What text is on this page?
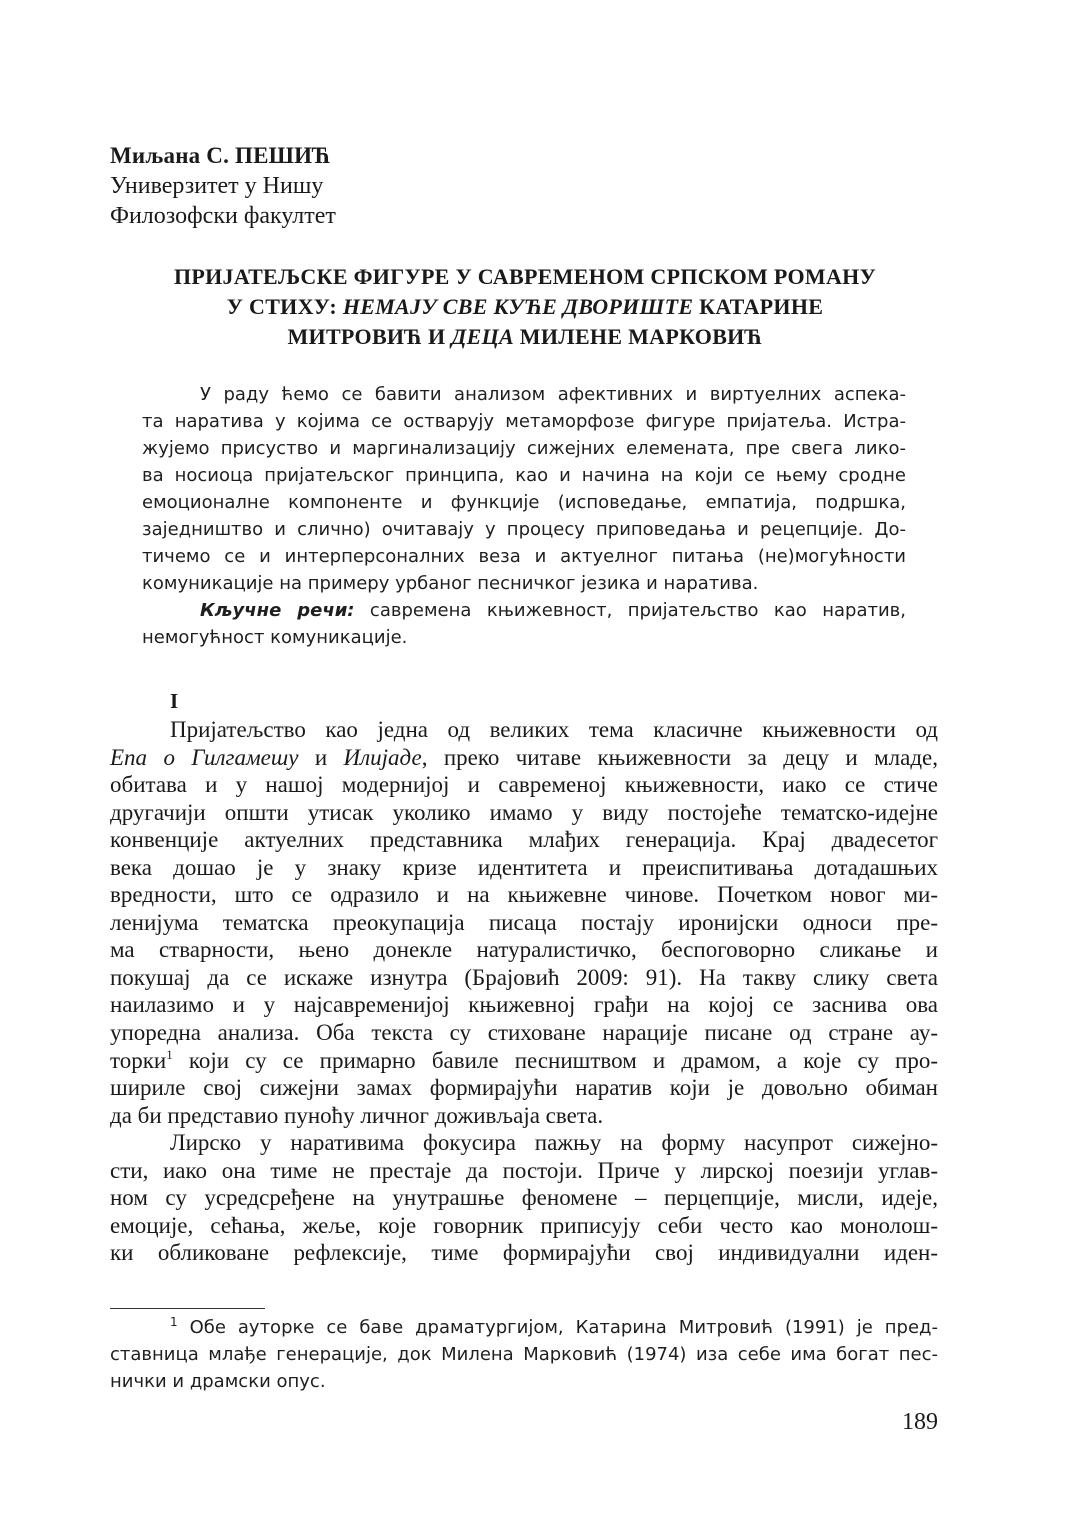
Миљана С. ПЕШИЋ
Универзитет у Нишу
Филозофски факултет
ПРИЈАТЕЉСКЕ ФИГУРЕ У САВРЕМЕНОМ СРПСКОМ РОМАНУ
У СТИХУ: НЕМАЈУ СВЕ КУЋЕ ДВОРИШТЕ КАТАРИНЕ
МИТРОВИЋ И ДЕЦА МИЛЕНЕ МАРКОВИЋ
У раду ћемо се бавити анализом афективних и виртуелних аспека-
та наратива у којима се остварују метаморфозе фигуре пријатеља. Истра-
жујемо присуство и маргинализацију сижејних елемената, пре свега лико-
ва носиоца пријатељског принципа, као и начина на који се њему сродне
емоционалне компоненте и функције (исповедање, емпатија, подршка,
заједништво и слично) очитавају у процесу приповедања и рецепције. До-
тичемо се и интерперсоналних веза и актуелног питања (не)могућности
комуникације на примеру урбаног песничког језика и наратива.
Кључне речи: савремена књижевност, пријатељство као наратив,
немогућност комуникације.
I
Пријатељство као једна од великих тема класичне књижевности од
Епа о Гилгамешу и Илијаде, преко читаве књижевности за децу и младе,
обитава и у нашој модернијој и савременој књижевности, иако се стиче
другачији општи утисак уколико имамо у виду постојеће тематско-идејне
конвенције актуелних представника млађих генерација. Крај двадесетог
века дошао је у знаку кризе идентитета и преиспитивања дотадашњих
вредности, што се одразило и на књижевне чинове. Почетком новог ми-
ленијума тематска преокупација писаца постају иронијски односи пре-
ма стварности, њено донекле натуралистичко, беспоговорно сликање и
покушај да се искаже изнутра (Брајовић 2009: 91). На такву слику света
наилазимо и у најсавременијој књижевној грађи на којој се заснива ова
упоредна анализа. Оба текста су стиховане нарације писане од стране ау-
торки$^1$ који су се примарно бавиле песништвом и драмом, а које су про-
шириле свој сижејни замах формирајући наратив који је довољно обиман
да би представио пуноћу личног доживљаја света.
Лирско у наративима фокусира пажњу на форму насупрот сижејно-
сти, иако она тиме не престаје да постоји. Приче у лирској поезији углав-
ном су усредсређене на унутрашње феномене – перцепције, мисли, идеје,
емоције, сећања, жеље, које говорник приписују себи често као монолош-
ки обликоване рефлексије, тиме формирајући свој индивидуални иден-
$^1$ Обе ауторке се баве драматургијом, Катарина Митровић (1991) је пред-
ставница млађе генерације, док Милена Марковић (1974) иза себе има богат пес-
нички и драмски опус.
189
